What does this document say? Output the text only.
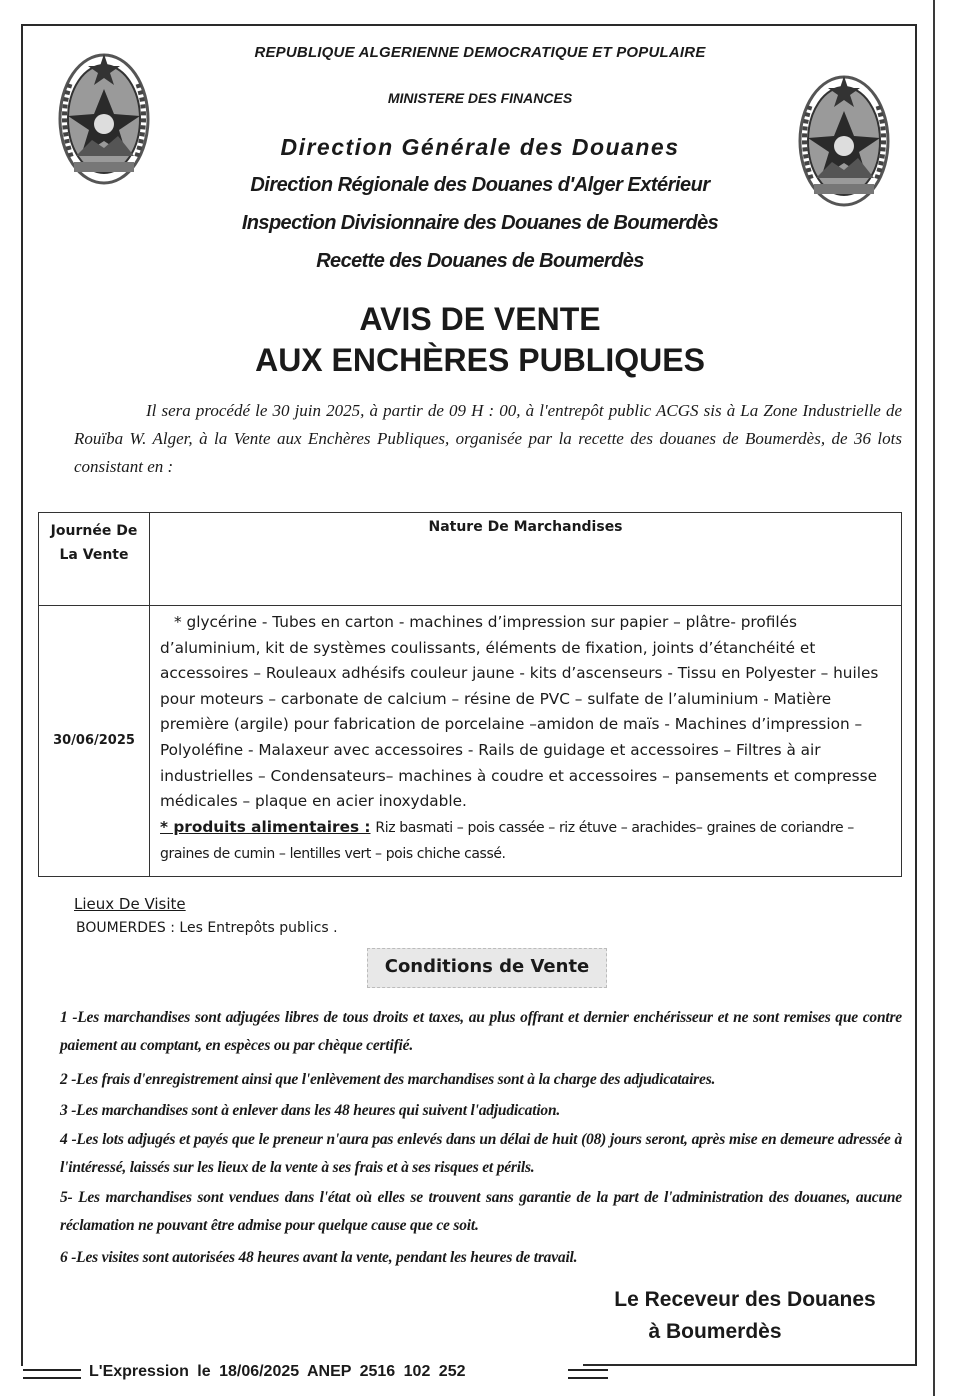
REPUBLIQUE ALGERIENNE DEMOCRATIQUE ET POPULAIRE
MINISTERE DES FINANCES
Direction Générale des Douanes
Direction Régionale des Douanes d'Alger Extérieur
Inspection Divisionnaire des Douanes de Boumerdès
Recette des Douanes de Boumerdès
AVIS DE VENTE
AUX ENCHÈRES PUBLIQUES
Il sera procédé le 30 juin 2025, à partir de 09 H : 00, à l'entrepôt public ACGS sis à La Zone Industrielle de Rouïba W. Alger, à la Vente aux Enchères Publiques, organisée par la recette des douanes de Boumerdès, de 36 lots consistant en :
Journée De La Vente	Nature De Marchandises
30/06/2025	* glycérine - Tubes en carton - machines d’impression sur papier – plâtre- profilés d’aluminium, kit de systèmes coulissants, éléments de fixation, joints d’étanchéité et accessoires – Rouleaux adhésifs couleur jaune - kits d’ascenseurs - Tissu en Polyester – huiles pour moteurs – carbonate de calcium – résine de PVC – sulfate de l’aluminium - Matière première (argile) pour fabrication de porcelaine –amidon de maïs - Machines d’impression – Polyoléfine - Malaxeur avec accessoires - Rails de guidage et accessoires – Filtres à air industrielles – Condensateurs– machines à coudre et accessoires – pansements et compresse médicales – plaque en acier inoxydable.
* produits alimentaires : Riz basmati – pois cassée – riz étuve – arachides– graines de coriandre – graines de cumin – lentilles vert – pois chiche cassé.
Lieux De Visite
BOUMERDES : Les Entrepôts publics .
Conditions de Vente
1 -Les marchandises sont adjugées libres de tous droits et taxes, au plus offrant et dernier enchérisseur et ne sont remises que contre paiement au comptant, en espèces ou par chèque certifié.
2 -Les frais d'enregistrement ainsi que l'enlèvement des marchandises sont à la charge des adjudicataires.
3 -Les marchandises sont à enlever dans les 48 heures qui suivent l'adjudication.
4 -Les lots adjugés et payés que le preneur n'aura pas enlevés dans un délai de huit (08) jours seront, après mise en demeure adressée à l'intéressé, laissés sur les lieux de la vente à ses frais et à ses risques et périls.
5- Les marchandises sont vendues dans l'état où elles se trouvent sans garantie de la part de l'administration des douanes, aucune réclamation ne pouvant être admise pour quelque cause que ce soit.
6 -Les visites sont autorisées 48 heures avant la vente, pendant les heures de travail.
Le Receveur des Douanes
à Boumerdès
L'Expression le 18/06/2025 ANEP 2516 102 252
